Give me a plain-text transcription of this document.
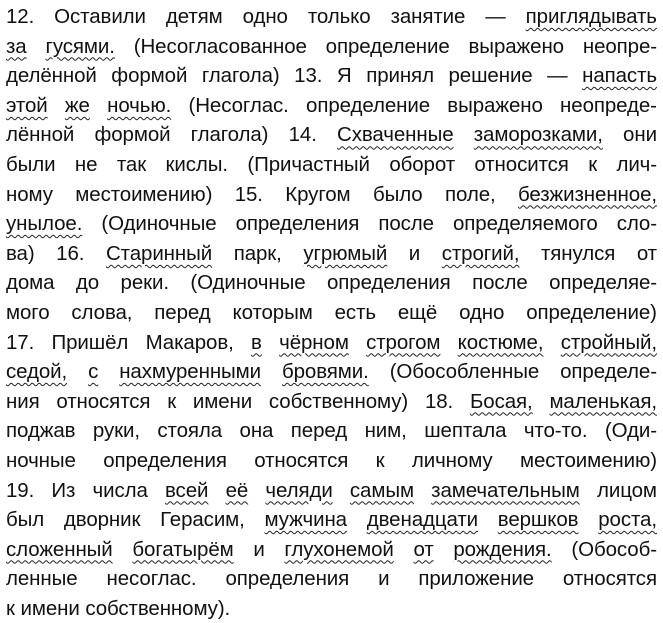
12. Оставили детям одно только занятие — приглядывать
за гусями. (Несогласованное определение выражено неопре-
делённой формой глагола) 13. Я принял решение — напасть
этой же ночью. (Несоглас. определение выражено неопреде-
лённой формой глагола) 14. Схваченные заморозками, они
были не так кислы. (Причастный оборот относится к лич-
ному местоимению) 15. Кругом было поле, безжизненное,
унылое. (Одиночные определения после определяемого сло-
ва) 16. Старинный парк, угрюмый и строгий, тянулся от
дома до реки. (Одиночные определения после определяе-
мого слова, перед которым есть ещё одно определение)
17. Пришёл Макаров, в чёрном строгом костюме, стройный,
седой, с нахмуренными бровями. (Обособленные определе-
ния относятся к имени собственному) 18. Босая, маленькая,
поджав руки, стояла она перед ним, шептала что-то. (Оди-
ночные определения относятся к личному местоимению)
19. Из числа всей её челяди самым замечательным лицом
был дворник Герасим, мужчина двенадцати вершков роста,
сложенный богатырём и глухонемой от рождения. (Обособ-
ленные несоглас. определения и приложение относятся
к
имени
собственному).
